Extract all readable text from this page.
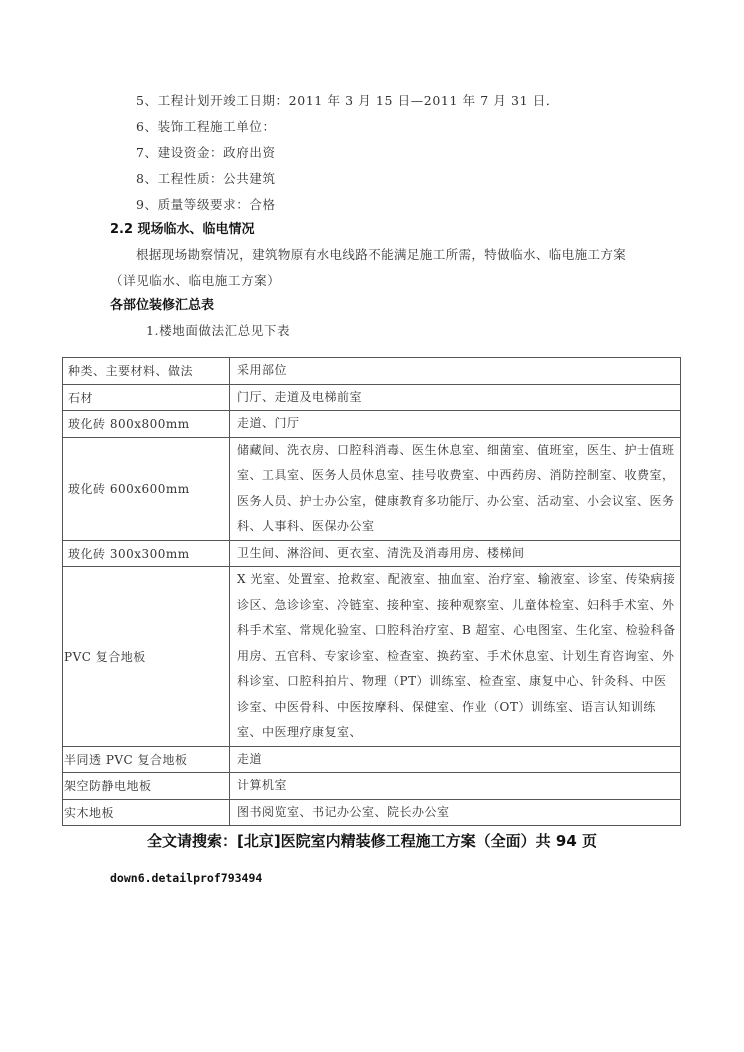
5、工程计划开竣工日期：2011 年 3 月 15 日—2011 年 7 月 31 日．
6、装饰工程施工单位：
7、建设资金：政府出资
8、工程性质：公共建筑
9、质量等级要求：合格
2.2 现场临水、临电情况
根据现场勘察情况，建筑物原有水电线路不能满足施工所需，特做临水、临电施工方案
（详见临水、临电施工方案）
各部位装修汇总表
1.楼地面做法汇总见下表
种类、主要材料、做法	采用部位
石材	门厅、走道及电梯前室
玻化砖 800x800mm	走道、门厅
玻化砖 600x600mm	储藏间、洗衣房、口腔科消毒、医生休息室、细菌室、值班室，医生、护士值班室、工具室、医务人员休息室、挂号收费室、中西药房、消防控制室、收费室，医务人员、护士办公室，健康教育多功能厅、办公室、活动室、小会议室、医务科、人事科、医保办公室
玻化砖 300x300mm	卫生间、淋浴间、更衣室、清洗及消毒用房、楼梯间
PVC 复合地板	X 光室、处置室、抢救室、配液室、抽血室、治疗室、输液室、诊室、传染病接诊区、急诊诊室、冷链室、接种室、接种观察室、儿童体检室、妇科手术室、外科手术室、常规化验室、口腔科治疗室、B 超室、心电图室、生化室、检验科备用房、五官科、专家诊室、检查室、换药室、手术休息室、计划生育咨询室、外科诊室、口腔科拍片、物理（PT）训练室、检查室、康复中心、针灸科、中医诊室、中医骨科、中医按摩科、保健室、作业（OT）训练室、语言认知训练室、中医理疗康复室、
半同透 PVC 复合地板	走道
架空防静电地板	计算机室
实木地板	图书阅览室、书记办公室、院长办公室
全文请搜索：[北京]医院室内精装修工程施工方案（全面）共 94 页
down6.detailprof793494
